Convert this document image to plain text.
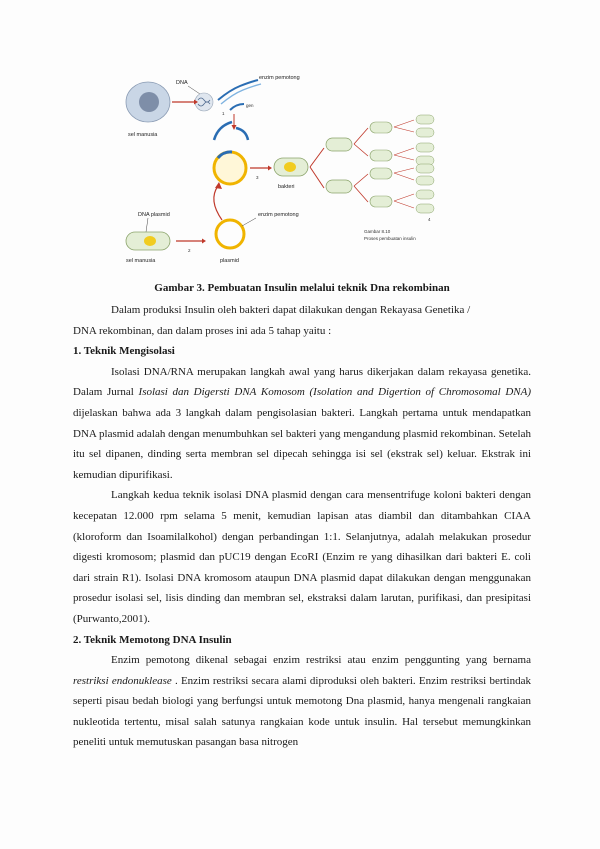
sel manusia
DNA
enzim pemotong
gen
1
3
bakteri
4
DNA plasmid
sel manusia
2
plasmid
enzim pemotong
Gambar 8.10
Proses pembuatan insulin
Gambar 3. Pembuatan Insulin melalui teknik Dna rekombinan

Dalam produksi Insulin oleh bakteri dapat dilakukan dengan Rekayasa Genetika /

DNA rekombinan, dan dalam proses ini ada 5 tahap yaitu :

1. Teknik Mengisolasi

Isolasi DNA/RNA merupakan langkah awal yang harus dikerjakan dalam rekayasa genetika. Dalam Jurnal Isolasi dan Digersti DNA Komosom (Isolation and Digertion of Chromosomal DNA) dijelaskan bahwa ada 3 langkah dalam pengisolasian bakteri. Langkah pertama untuk mendapatkan DNA plasmid adalah dengan menumbuhkan sel bakteri yang mengandung plasmid rekombinan. Setelah itu sel dipanen, dinding serta membran sel dipecah sehingga isi sel (ekstrak sel) keluar. Ekstrak ini kemudian dipurifikasi.

Langkah kedua teknik isolasi DNA plasmid dengan cara mensentrifuge koloni bakteri dengan kecepatan 12.000 rpm selama 5 menit, kemudian lapisan atas diambil dan ditambahkan CIAA (kloroform dan Isoamilalkohol) dengan perbandingan 1:1. Selanjutnya, adalah melakukan prosedur digesti kromosom; plasmid dan pUC19 dengan EcoRI (Enzim re yang dihasilkan dari bakteri E. coli dari strain R1). Isolasi DNA kromosom ataupun DNA plasmid dapat dilakukan dengan menggunakan prosedur isolasi sel, lisis dinding dan membran sel, ekstraksi dalam larutan, purifikasi, dan presipitasi (Purwanto,2001).

2. Teknik Memotong DNA Insulin

Enzim pemotong dikenal sebagai enzim restriksi atau enzim penggunting yang bernama restriksi endonuklease . Enzim restriksi secara alami diproduksi oleh bakteri. Enzim restriksi bertindak seperti pisau bedah biologi yang berfungsi untuk memotong Dna plasmid, hanya mengenali rangkaian nukleotida tertentu, misal salah satunya rangkaian kode untuk insulin. Hal tersebut memungkinkan peneliti untuk memutuskan pasangan basa nitrogen
